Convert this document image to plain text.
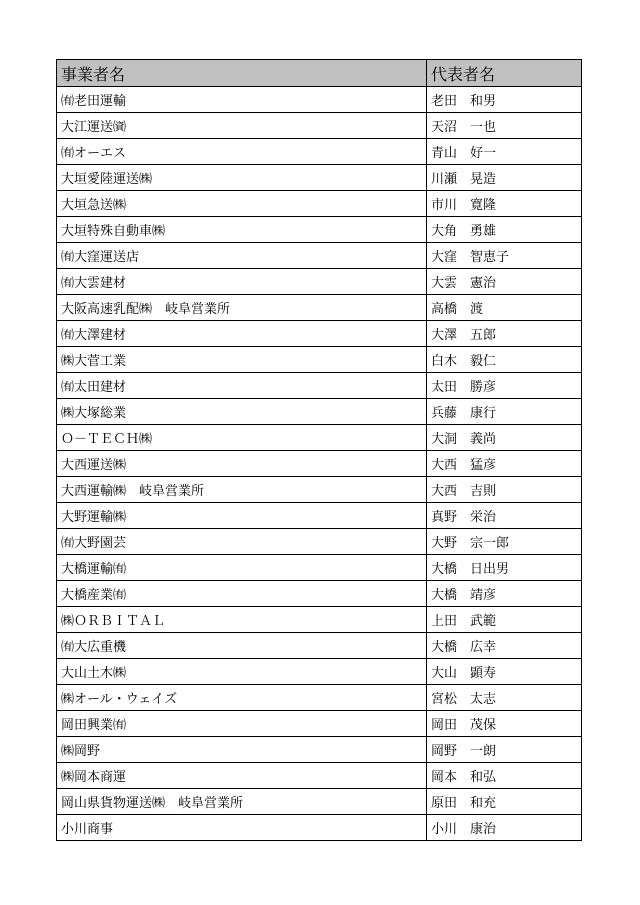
事業者名	代表者名
㈲老田運輸	老田　和男
大江運送㈾	天沼　一也
㈲オーエス	青山　好一
大垣愛陸運送㈱	川瀬　晃造
大垣急送㈱	市川　寛隆
大垣特殊自動車㈱	大角　勇雄
㈲大窪運送店	大窪　智恵子
㈲大雲建材	大雲　憲治
大阪高速乳配㈱　岐阜営業所	高橋　渡
㈲大澤建材	大澤　五郎
㈱大菅工業	白木　毅仁
㈲太田建材	太田　勝彦
㈱大塚総業	兵藤　康行
Ｏ－ＴＥＣＨ㈱	大洞　義尚
大西運送㈱	大西　猛彦
大西運輸㈱　岐阜営業所	大西　吉則
大野運輸㈱	真野　栄治
㈲大野園芸	大野　宗一郎
大橋運輸㈲	大橋　日出男
大橋産業㈲	大橋　靖彦
㈱ＯＲＢＩＴＡＬ	上田　武範
㈲大広重機	大橋　広幸
大山土木㈱	大山　顕寿
㈱オール・ウェイズ	宮松　太志
岡田興業㈲	岡田　茂保
㈱岡野	岡野　一朗
㈱岡本商運	岡本　和弘
岡山県貨物運送㈱　岐阜営業所	原田　和充
小川商事	小川　康治
